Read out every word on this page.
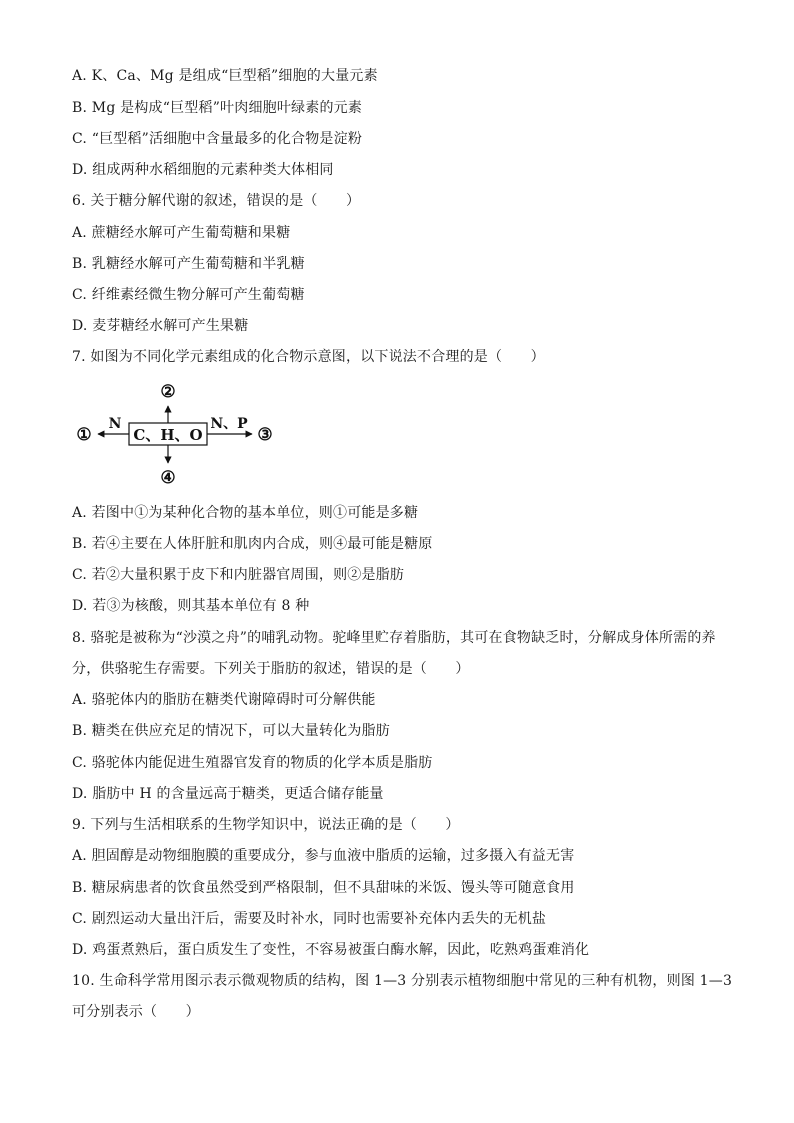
A. K、Ca、Mg 是组成“巨型稻”细胞的大量元素
B. Mg 是构成“巨型稻”叶肉细胞叶绿素的元素
C. “巨型稻”活细胞中含量最多的化合物是淀粉
D. 组成两种水稻细胞的元素种类大体相同
6. 关于糖分解代谢的叙述，错误的是（　　）
A. 蔗糖经水解可产生葡萄糖和果糖
B. 乳糖经水解可产生葡萄糖和半乳糖
C. 纤维素经微生物分解可产生葡萄糖
D. 麦芽糖经水解可产生果糖
7. 如图为不同化学元素组成的化合物示意图，以下说法不合理的是（　　）
C、H、O
②
④
N
①
N、P
③
A. 若图中①为某种化合物的基本单位，则①可能是多糖
B. 若④主要在人体肝脏和肌肉内合成，则④最可能是糖原
C. 若②大量积累于皮下和内脏器官周围，则②是脂肪
D. 若③为核酸，则其基本单位有 8 种
8. 骆驼是被称为“沙漠之舟”的哺乳动物。驼峰里贮存着脂肪，其可在食物缺乏时，分解成身体所需的养
分，供骆驼生存需要。下列关于脂肪的叙述，错误的是（　　）
A. 骆驼体内的脂肪在糖类代谢障碍时可分解供能
B. 糖类在供应充足的情况下，可以大量转化为脂肪
C. 骆驼体内能促进生殖器官发育的物质的化学本质是脂肪
D. 脂肪中 H 的含量远高于糖类，更适合储存能量
9. 下列与生活相联系的生物学知识中，说法正确的是（　　）
A. 胆固醇是动物细胞膜的重要成分，参与血液中脂质的运输，过多摄入有益无害
B. 糖尿病患者的饮食虽然受到严格限制，但不具甜味的米饭、馒头等可随意食用
C. 剧烈运动大量出汗后，需要及时补水，同时也需要补充体内丢失的无机盐
D. 鸡蛋煮熟后，蛋白质发生了变性，不容易被蛋白酶水解，因此，吃熟鸡蛋难消化
10. 生命科学常用图示表示微观物质的结构，图 1—3 分别表示植物细胞中常见的三种有机物，则图 1—3
可分别表示（　　）
